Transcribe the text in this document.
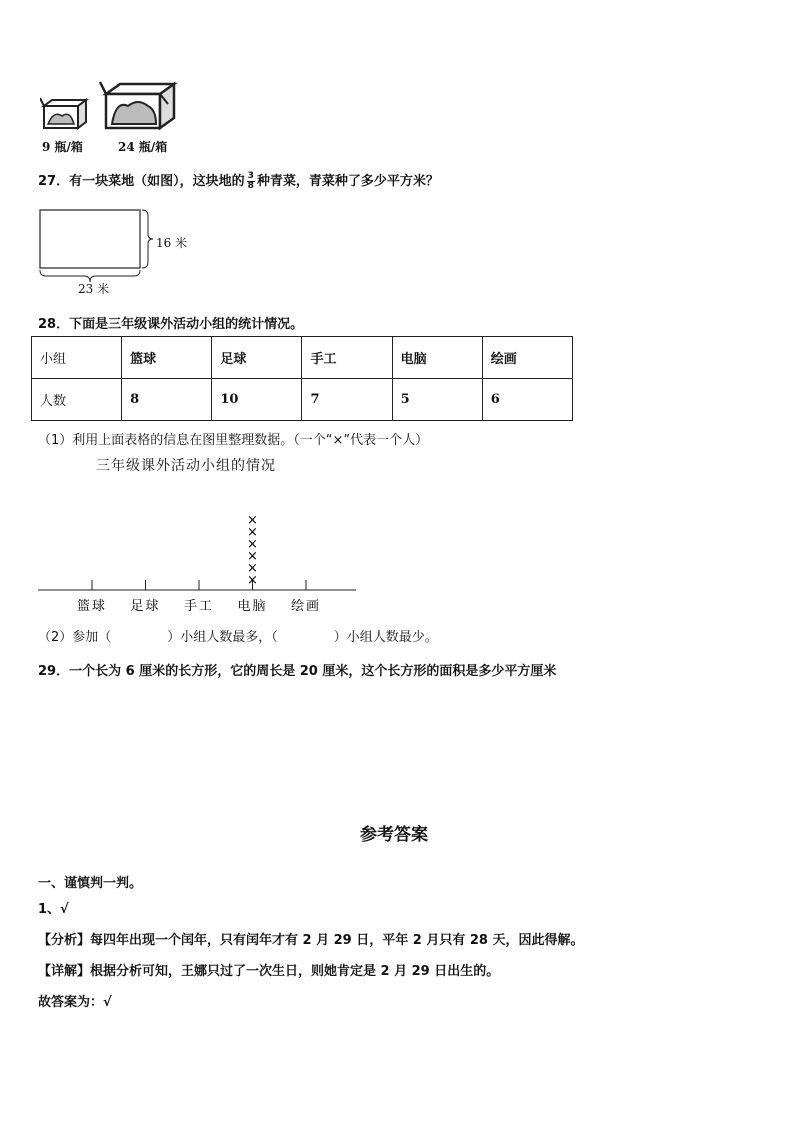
9 瓶/箱	24 瓶/箱
27．有一块菜地（如图），这块地的 $\frac{3}{8}$ 种青菜，青菜种了多少平方米？
16 米
23 米
28．下面是三年级课外活动小组的统计情况。
小组	篮球	足球	手工	电脑	绘画
人数	8	10	7	5	6
（1）利用上面表格的信息在图里整理数据。（一个“×”代表一个人）
三年级课外活动小组的情况
篮球 足球 手工 电脑
×
×
×
×
×
×
绘画
（2）参加（	）小组人数最多，（	）小组人数最少。
29．一个长为 6 厘米的长方形，它的周长是 20 厘米，这个长方形的面积是多少平方厘米
参考答案
一、谨慎判一判。
1、√
【分析】每四年出现一个闰年，只有闰年才有 2 月 29 日，平年 2 月只有 28 天，因此得解。
【详解】根据分析可知，王娜只过了一次生日，则她肯定是 2 月 29 日出生的。
故答案为：√
